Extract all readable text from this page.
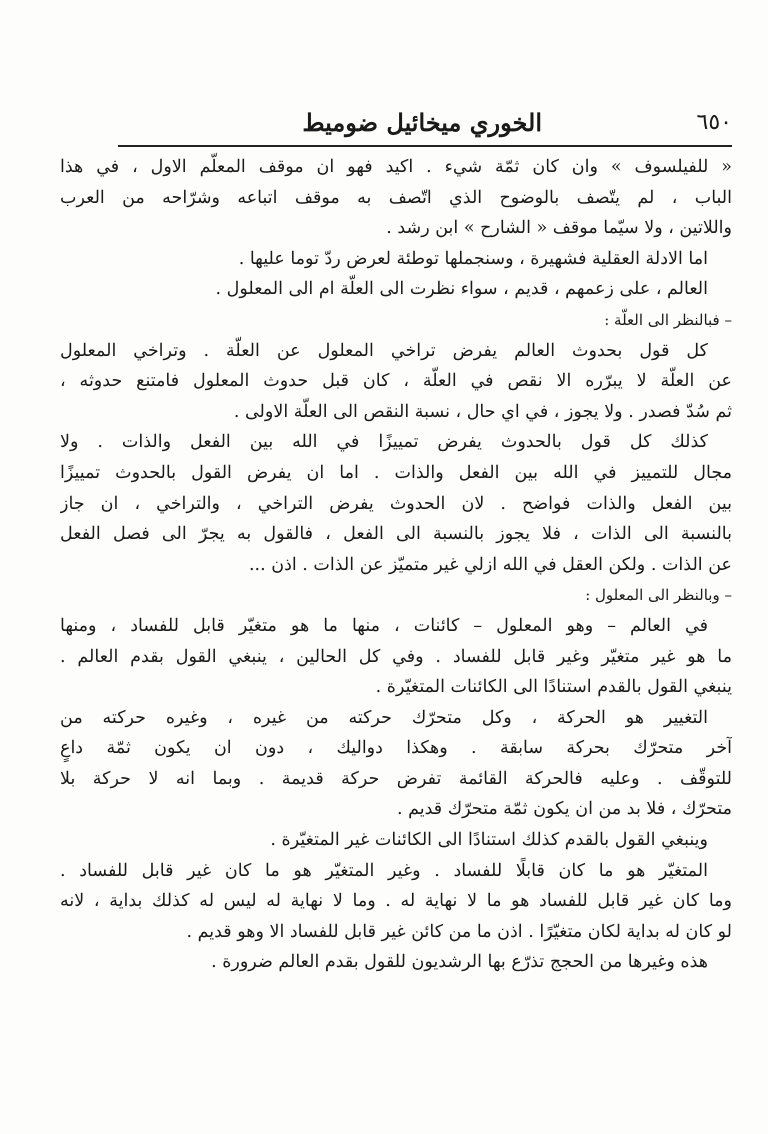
٦٥٠
الخوري ميخائيل ضوميط
« للفيلسوف » وان كان ثمّة شيء . اكيد فهو ان موقف المعلّم الاول ، في هذا
الباب ، لم يتّصف بالوضوح الذي اتّصف به موقف اتباعه وشرّاحه من العرب
واللاتين ، ولا سيّما موقف « الشارح » ابن رشد .
اما الادلة العقلية فشهيرة ، وسنجملها توطئة لعرض ردّ توما عليها .
العالم ، على زعمهم ، قديم ، سواء نظرت الى العلّة ام الى المعلول .
– فبالنظر الى العلّة :
كل قول بحدوث العالم يفرض تراخي المعلول عن العلّة . وتراخي المعلول
عن العلّة لا يبرّره الا نقص في العلّة ، كان قبل حدوث المعلول فامتنع حدوثه ،
ثم سُدّ فصدر . ولا يجوز ، في اي حال ، نسبة النقص الى العلّة الاولى .
كذلك كل قول بالحدوث يفرض تمييزًا في الله بين الفعل والذات . ولا
مجال للتمييز في الله بين الفعل والذات . اما ان يفرض القول بالحدوث تمييزًا
بين الفعل والذات فواضح . لان الحدوث يفرض التراخي ، والتراخي ، ان جاز
بالنسبة الى الذات ، فلا يجوز بالنسبة الى الفعل ، فالقول به يجرّ الى فصل الفعل
عن الذات . ولكن العقل في الله ازلي غير متميّز عن الذات . اذن ...
– وبالنظر الى المعلول :
في العالم – وهو المعلول – كائنات ، منها ما هو متغيّر قابل للفساد ، ومنها
ما هو غير متغيّر وغير قابل للفساد . وفي كل الحالين ، ينبغي القول بقدم العالم .
ينبغي القول بالقدم استنادًا الى الكائنات المتغيّرة .
التغيير هو الحركة ، وكل متحرّك حركته من غيره ، وغيره حركته من
آخر متحرّك بحركة سابقة . وهكذا دواليك ، دون ان يكون ثمّة داعٍ
للتوقّف . وعليه فالحركة القائمة تفرض حركة قديمة . وبما انه لا حركة بلا
متحرّك ، فلا بد من ان يكون ثمّة متحرّك قديم .
وينبغي القول بالقدم كذلك استنادًا الى الكائنات غير المتغيّرة .
المتغيّر هو ما كان قابلًا للفساد . وغير المتغيّر هو ما كان غير قابل للفساد .
وما كان غير قابل للفساد هو ما لا نهاية له . وما لا نهاية له ليس له كذلك بداية ، لانه
لو كان له بداية لكان متغيّرًا . اذن ما من كائن غير قابل للفساد الا وهو قديم .
هذه وغيرها من الحجج تذرّع بها الرشديون للقول بقدم العالم ضرورة .
